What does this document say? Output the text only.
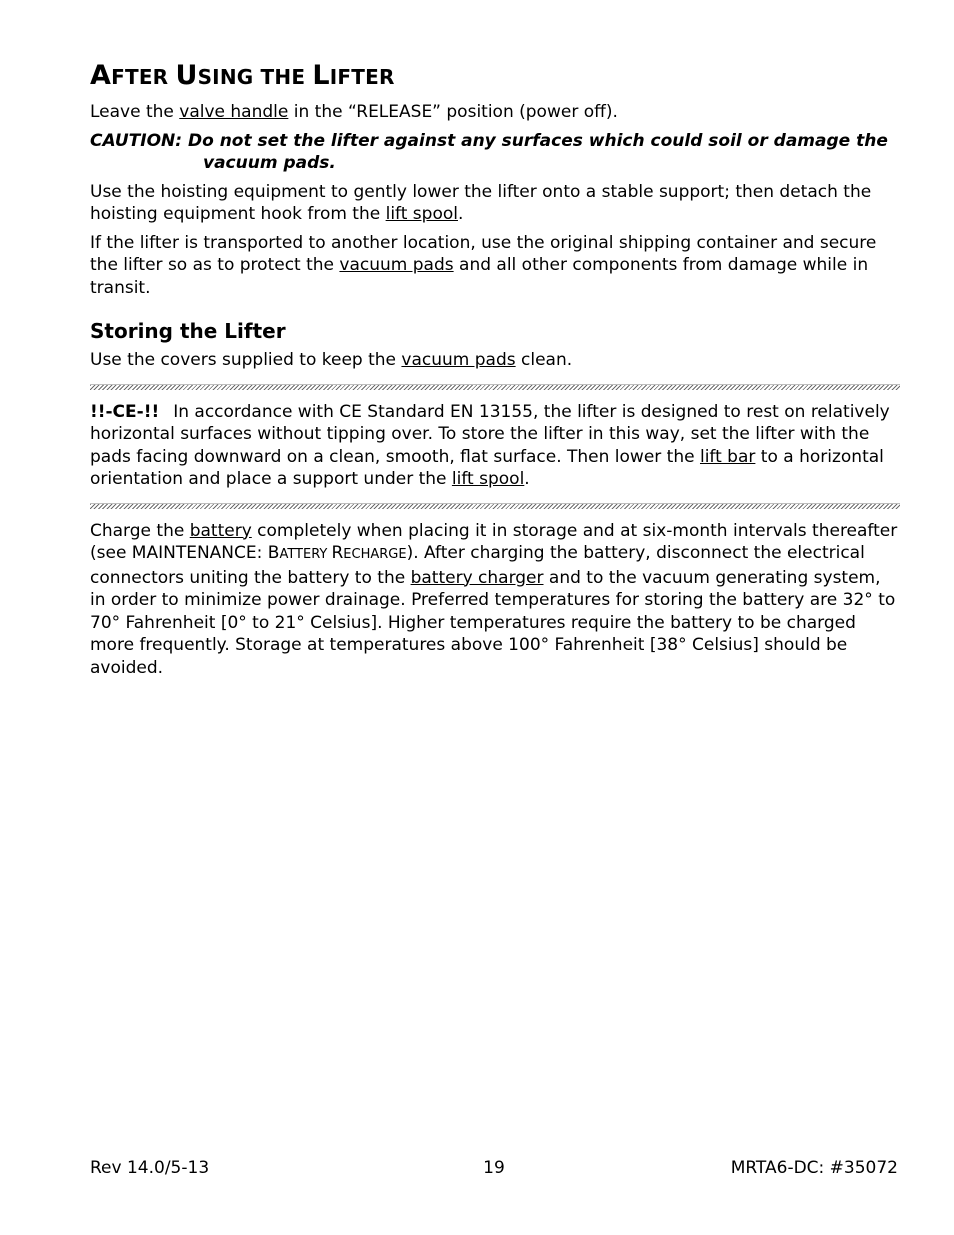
AFTER USING THE LIFTER

Leave the valve handle in the “RELEASE” position (power off).

CAUTION: Do not set the lifter against any surfaces which could soil or damage the
vacuum pads.

Use the hoisting equipment to gently lower the lifter onto a stable support; then detach the hoisting equipment hook from the lift spool.

If the lifter is transported to another location, use the original shipping container and secure the lifter so as to protect the vacuum pads and all other components from damage while in transit.

Storing the Lifter

Use the covers supplied to keep the vacuum pads clean.

!!-CE-!! In accordance with CE Standard EN 13155, the lifter is designed to rest on relatively horizontal surfaces without tipping over. To store the lifter in this way, set the lifter with the pads facing downward on a clean, smooth, flat surface. Then lower the lift bar to a horizontal orientation and place a support under the lift spool.

Charge the battery completely when placing it in storage and at six-month intervals thereafter (see MAINTENANCE: BATTERY RECHARGE). After charging the battery, disconnect the electrical connectors uniting the battery to the battery charger and to the vacuum generating system, in order to minimize power drainage. Preferred temperatures for storing the battery are 32° to 70° Fahrenheit [0° to 21° Celsius]. Higher temperatures require the battery to be charged more frequently. Storage at temperatures above 100° Fahrenheit [38° Celsius] should be avoided.

Rev 14.0/5-13	19	MRTA6-DC: #35072
